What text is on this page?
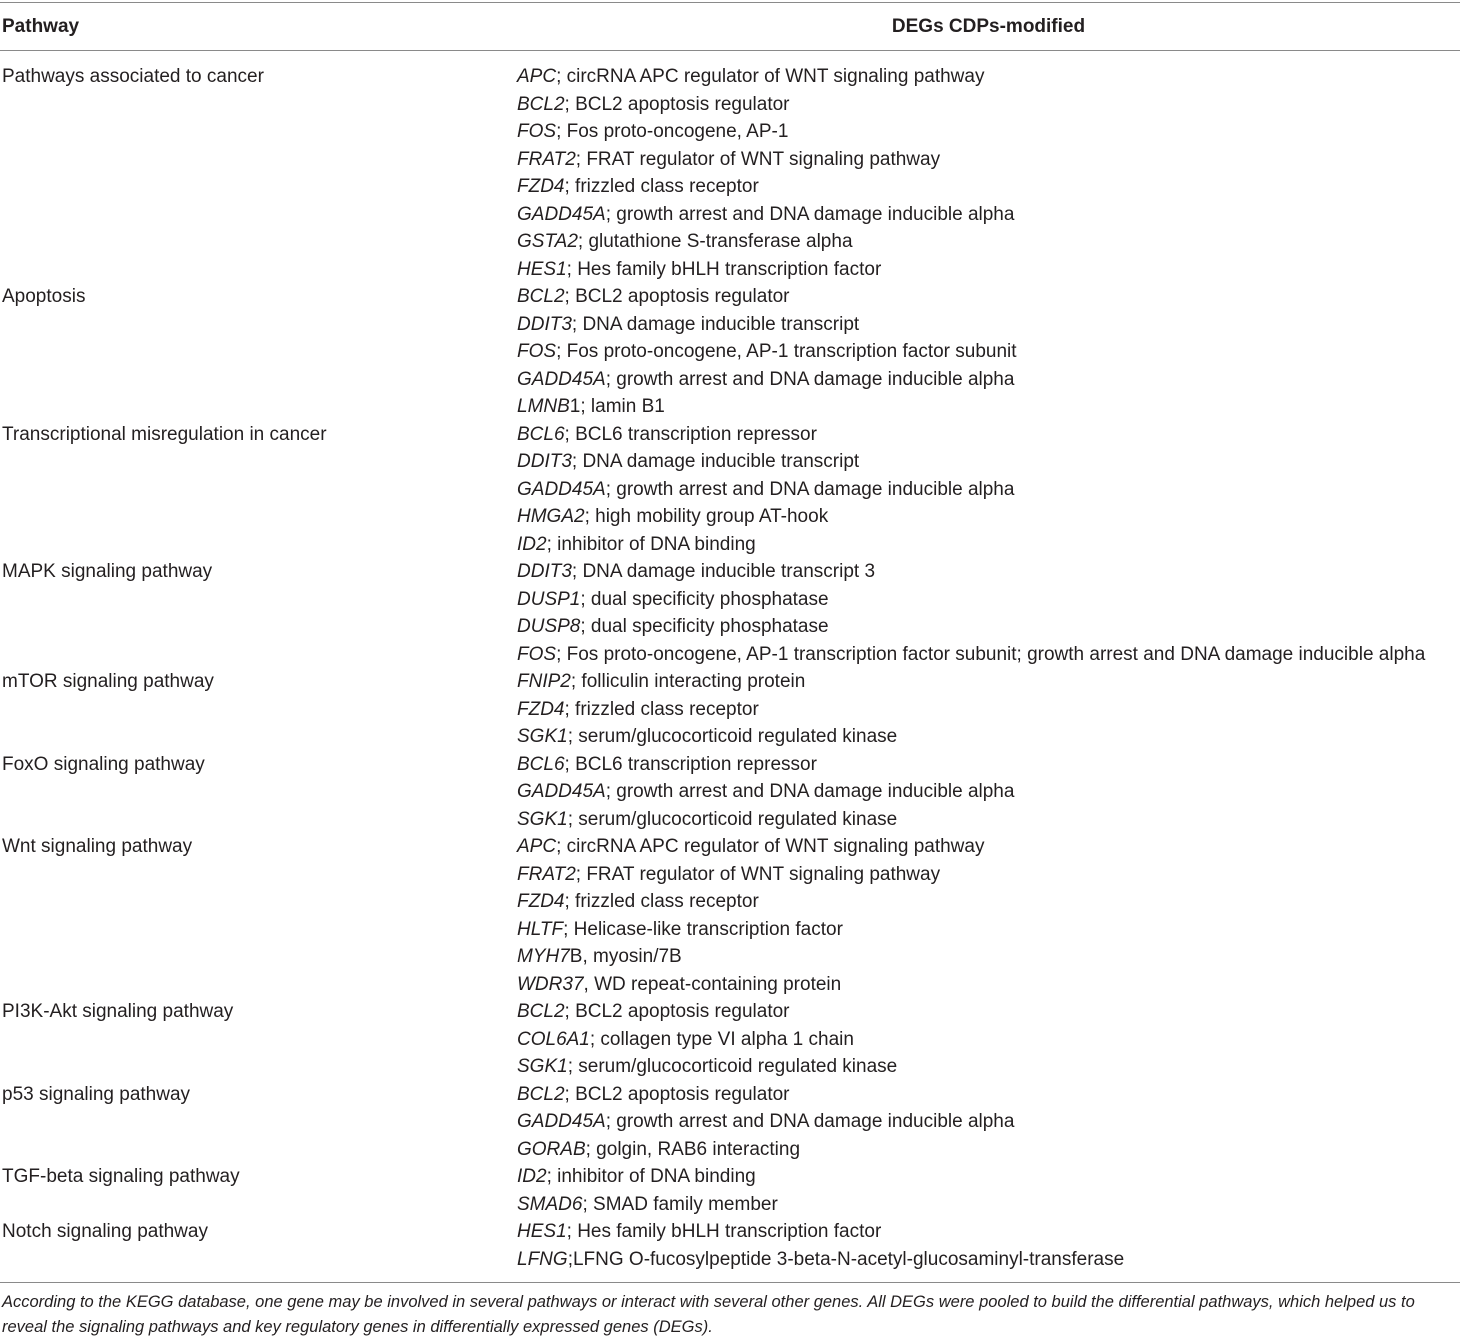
Pathway	DEGs CDPs-modified
Pathways associated to cancer	APC; circRNA APC regulator of WNT signaling pathway
BCL2; BCL2 apoptosis regulator
FOS; Fos proto-oncogene, AP-1
FRAT2; FRAT regulator of WNT signaling pathway
FZD4; frizzled class receptor
GADD45A; growth arrest and DNA damage inducible alpha
GSTA2; glutathione S-transferase alpha
HES1; Hes family bHLH transcription factor
Apoptosis	BCL2; BCL2 apoptosis regulator
DDIT3; DNA damage inducible transcript
FOS; Fos proto-oncogene, AP-1 transcription factor subunit
GADD45A; growth arrest and DNA damage inducible alpha
LMNB1; lamin B1
Transcriptional misregulation in cancer	BCL6; BCL6 transcription repressor
DDIT3; DNA damage inducible transcript
GADD45A; growth arrest and DNA damage inducible alpha
HMGA2; high mobility group AT-hook
ID2; inhibitor of DNA binding
MAPK signaling pathway	DDIT3; DNA damage inducible transcript 3
DUSP1; dual specificity phosphatase
DUSP8; dual specificity phosphatase
FOS; Fos proto-oncogene, AP-1 transcription factor subunit; growth arrest and DNA damage inducible alpha
mTOR signaling pathway	FNIP2; folliculin interacting protein
FZD4; frizzled class receptor
SGK1; serum/glucocorticoid regulated kinase
FoxO signaling pathway	BCL6; BCL6 transcription repressor
GADD45A; growth arrest and DNA damage inducible alpha
SGK1; serum/glucocorticoid regulated kinase
Wnt signaling pathway	APC; circRNA APC regulator of WNT signaling pathway
FRAT2; FRAT regulator of WNT signaling pathway
FZD4; frizzled class receptor
HLTF; Helicase-like transcription factor
MYH7B, myosin/7B
WDR37, WD repeat-containing protein
PI3K-Akt signaling pathway	BCL2; BCL2 apoptosis regulator
COL6A1; collagen type VI alpha 1 chain
SGK1; serum/glucocorticoid regulated kinase
p53 signaling pathway	BCL2; BCL2 apoptosis regulator
GADD45A; growth arrest and DNA damage inducible alpha
GORAB; golgin, RAB6 interacting
TGF-beta signaling pathway	ID2; inhibitor of DNA binding
SMAD6; SMAD family member
Notch signaling pathway	HES1; Hes family bHLH transcription factor
LFNG;LFNG O-fucosylpeptide 3-beta-N-acetyl-glucosaminyl-transferase
According to the KEGG database, one gene may be involved in several pathways or interact with several other genes. All DEGs were pooled to build the differential pathways, which helped us to reveal the signaling pathways and key regulatory genes in differentially expressed genes (DEGs).
